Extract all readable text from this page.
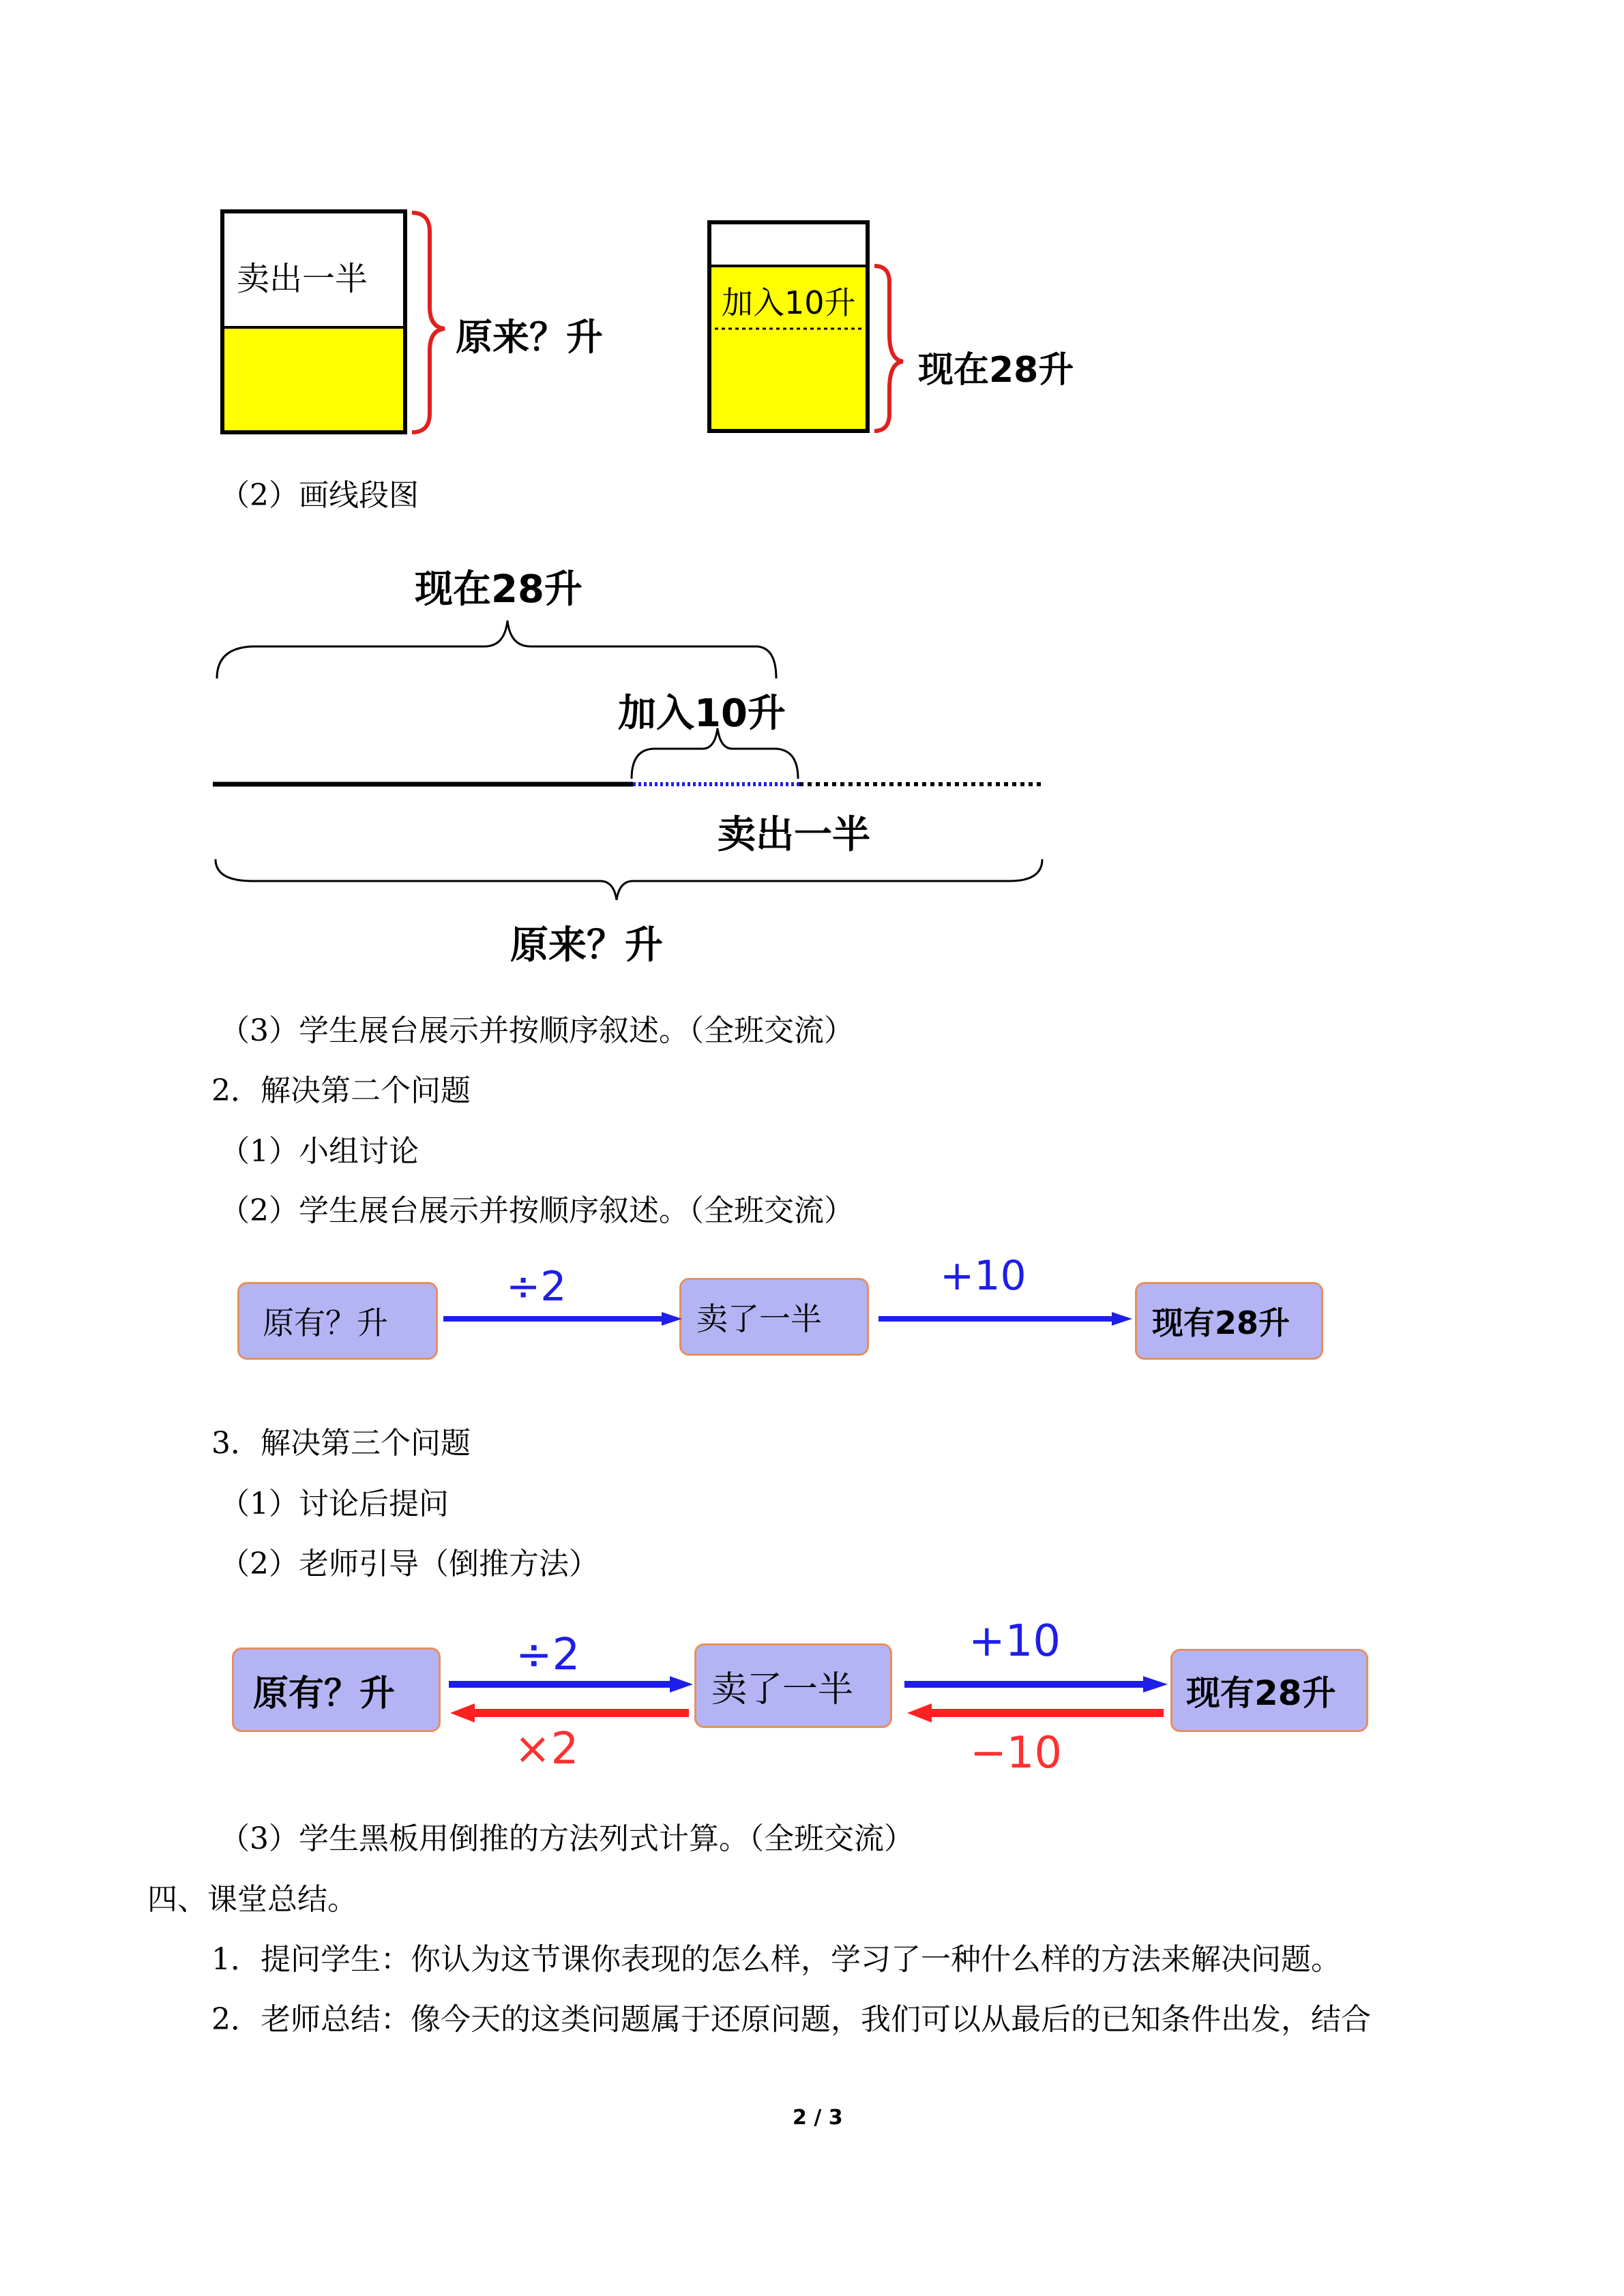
卖出一半
原来？升
加入10升
现在28升
（2）画线段图
现在28升
加入10升
卖出一半
原来？升
（3）学生展台展示并按顺序叙述。（全班交流）
2．解决第二个问题
（1）小组讨论
（2）学生展台展示并按顺序叙述。（全班交流）
原有？升	卖了一半	现有28升
÷2	+10
3．解决第三个问题
（1）讨论后提问
（2）老师引导（倒推方法）
原有？升	卖了一半	现有28升
÷2
×2
+10
−10
（3）学生黑板用倒推的方法列式计算。（全班交流）
四、课堂总结。
1．提问学生：你认为这节课你表现的怎么样，学习了一种什么样的方法来解决问题。
2．老师总结：像今天的这类问题属于还原问题，我们可以从最后的已知条件出发，结合
2 / 3
